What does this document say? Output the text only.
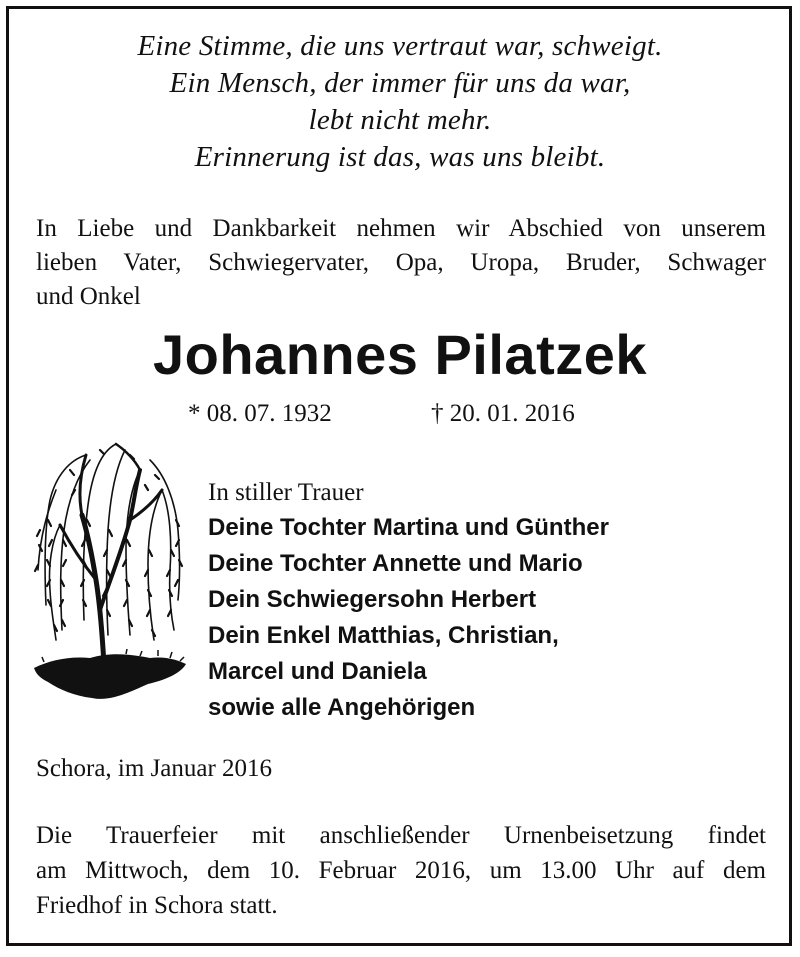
Eine Stimme, die uns vertraut war, schweigt.
Ein Mensch, der immer für uns da war,
lebt nicht mehr.
Erinnerung ist das, was uns bleibt.
In Liebe und Dankbarkeit nehmen wir Abschied von unserem
lieben Vater, Schwiegervater, Opa, Uropa, Bruder, Schwager
und Onkel
Johannes Pilatzek
* 08. 07. 1932	† 20. 01. 2016
In stiller Trauer
Deine Tochter Martina und Günther
Deine Tochter Annette und Mario
Dein Schwiegersohn Herbert
Dein Enkel Matthias, Christian,
Marcel und Daniela
sowie alle Angehörigen
Schora, im Januar 2016
Die Trauerfeier mit anschließender Urnenbeisetzung findet
am Mittwoch, dem 10. Februar 2016, um 13.00 Uhr auf dem
Friedhof in Schora statt.
